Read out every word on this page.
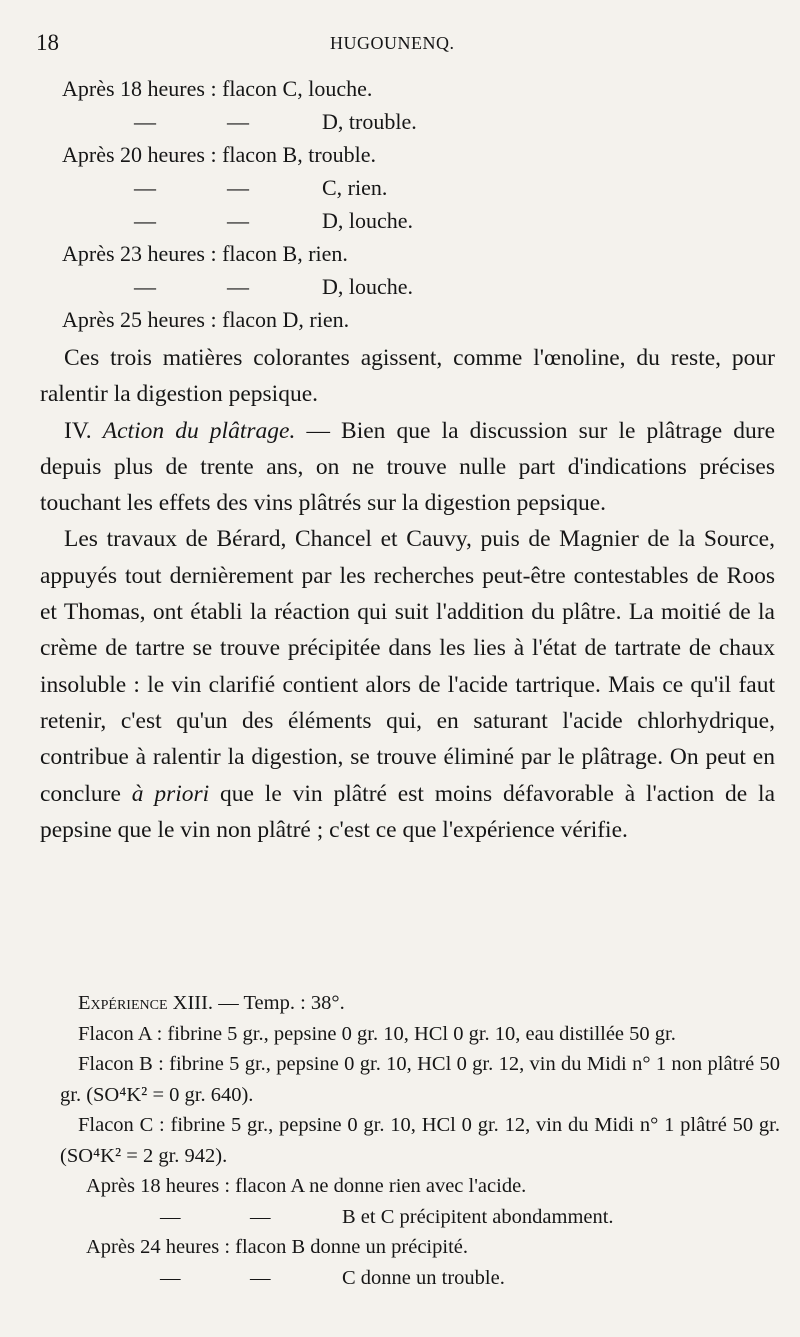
18	HUGOUNENQ.
Après 18 heures : flacon C, louche.
—	—	D, trouble.
Après 20 heures : flacon B, trouble.
—	—	C, rien.
—	—	D, louche.
Après 23 heures : flacon B, rien.
—	—	D, louche.
Après 25 heures : flacon D, rien.

Ces trois matières colorantes agissent, comme l'œnoline, du reste, pour ralentir la digestion pepsique.

IV. Action du plâtrage. — Bien que la discussion sur le plâtrage dure depuis plus de trente ans, on ne trouve nulle part d'indications précises touchant les effets des vins plâtrés sur la digestion pepsique.

Les travaux de Bérard, Chancel et Cauvy, puis de Magnier de la Source, appuyés tout dernièrement par les recherches peut-être contestables de Roos et Thomas, ont établi la réaction qui suit l'addition du plâtre. La moitié de la crème de tartre se trouve précipitée dans les lies à l'état de tartrate de chaux insoluble : le vin clarifié contient alors de l'acide tartrique. Mais ce qu'il faut retenir, c'est qu'un des éléments qui, en saturant l'acide chlorhydrique, contribue à ralentir la digestion, se trouve éliminé par le plâtrage. On peut en conclure à priori que le vin plâtré est moins défavorable à l'action de la pepsine que le vin non plâtré ; c'est ce que l'expérience vérifie.

Expérience XIII. — Temp. : 38°.

Flacon A : fibrine 5 gr., pepsine 0 gr. 10, HCl 0 gr. 10, eau distillée 50 gr.

Flacon B : fibrine 5 gr., pepsine 0 gr. 10, HCl 0 gr. 12, vin du Midi n° 1 non plâtré 50 gr. (SO⁴K² = 0 gr. 640).

Flacon C : fibrine 5 gr., pepsine 0 gr. 10, HCl 0 gr. 12, vin du Midi n° 1 plâtré 50 gr. (SO⁴K² = 2 gr. 942).

Après 18 heures : flacon A ne donne rien avec l'acide.
—	—	B et C précipitent abondamment.
Après 24 heures : flacon B donne un précipité.
—	—	C donne un trouble.
